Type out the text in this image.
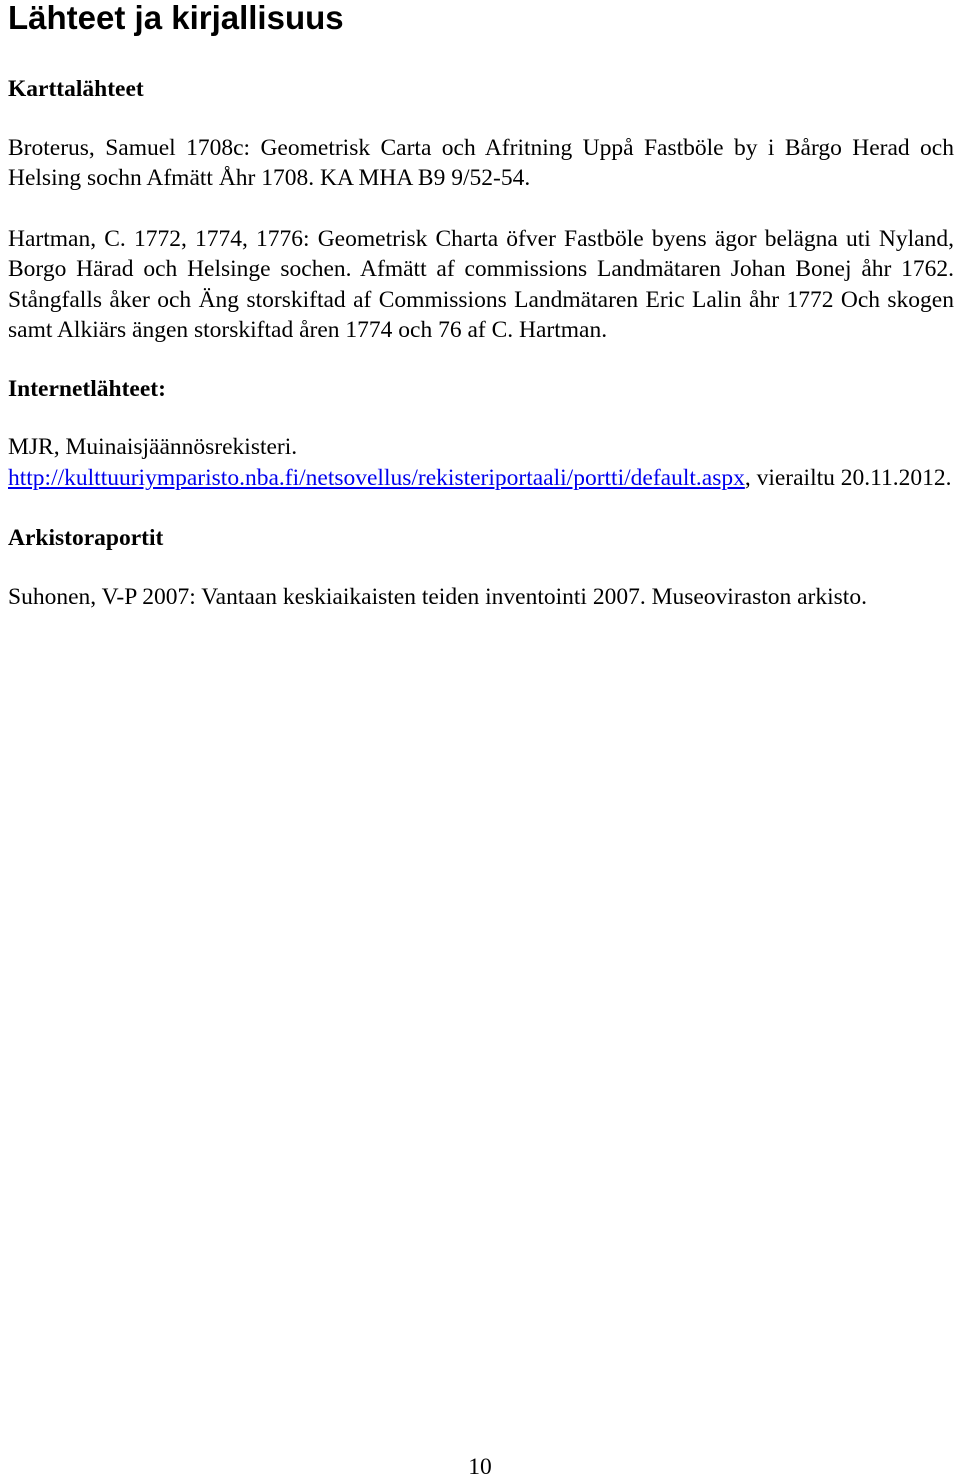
Lähteet ja kirjallisuus
Karttalähteet

Broterus, Samuel 1708c: Geometrisk Carta och Afritning Uppå Fastböle by i Bårgo Herad och Helsing sochn Afmätt Åhr 1708. KA MHA B9 9/52-54.

Hartman, C. 1772, 1774, 1776: Geometrisk Charta öfver Fastböle byens ägor belägna uti Nyland, Borgo Härad och Helsinge sochen. Afmätt af commissions Landmätaren Johan Bonej åhr 1762. Stångfalls åker och Äng storskiftad af Commissions Landmätaren Eric Lalin åhr 1772 Och skogen samt Alkiärs ängen storskiftad åren 1774 och 76 af C. Hartman.

Internetlähteet:

MJR, Muinaisjäännösrekisteri.
http://kulttuuriymparisto.nba.fi/netsovellus/rekisteriportaali/portti/default.aspx, vierailtu 20.11.2012.

Arkistoraportit

Suhonen, V-P 2007: Vantaan keskiaikaisten teiden inventointi 2007. Museoviraston arkisto.

10
